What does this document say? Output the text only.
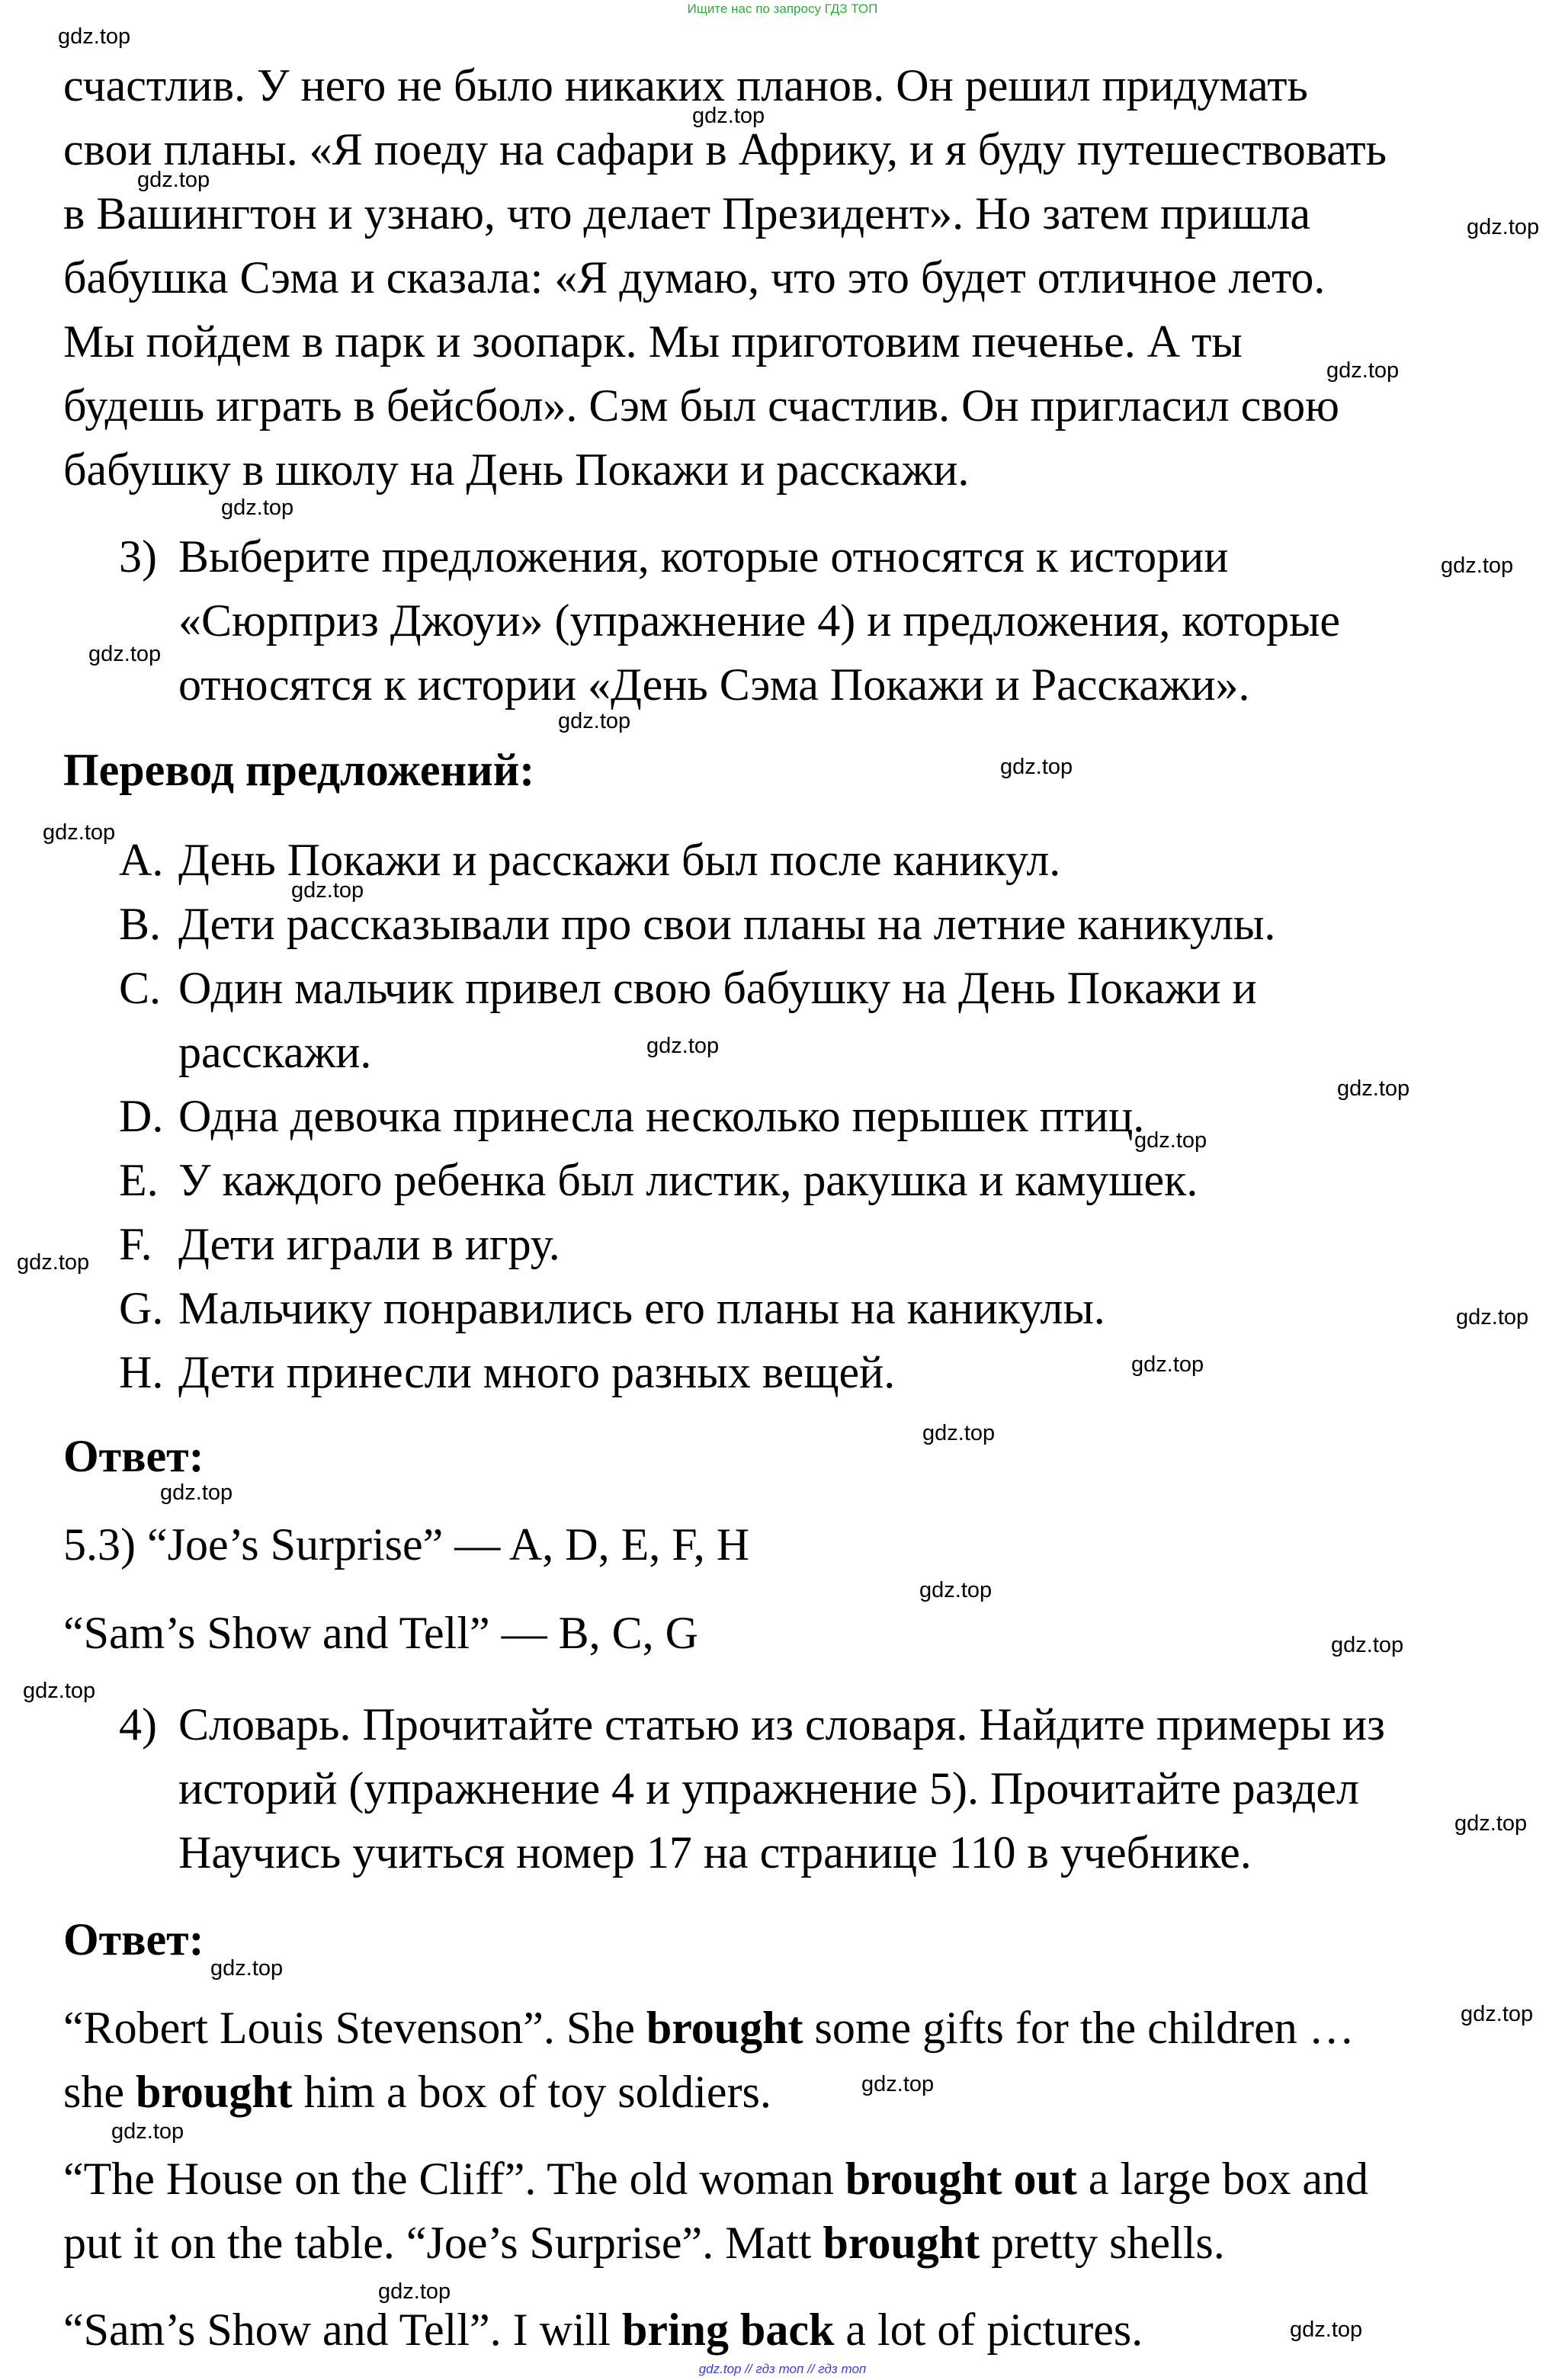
Ищите нас по запросу ГДЗ ТОП
счастлив. У него не было никаких планов. Он решил придумать
свои планы. «Я поеду на сафари в Африку, и я буду путешествовать
в Вашингтон и узнаю, что делает Президент». Но затем пришла
бабушка Сэма и сказала: «Я думаю, что это будет отличное лето.
Мы пойдем в парк и зоопарк. Мы приготовим печенье. А ты
будешь играть в бейсбол». Сэм был счастлив. Он пригласил свою
бабушку в школу на День Покажи и расскажи.
3) Выберите предложения, которые относятся к истории
«Сюрприз Джоуи» (упражнение 4) и предложения, которые
относятся к истории «День Сэма Покажи и Расскажи».
Перевод предложений:
A. День Покажи и расскажи был после каникул.
B. Дети рассказывали про свои планы на летние каникулы.
C. Один мальчик привел свою бабушку на День Покажи и
расскажи.
D. Одна девочка принесла несколько перышек птиц.
E. У каждого ребенка был листик, ракушка и камушек.
F. Дети играли в игру.
G. Мальчику понравились его планы на каникулы.
H. Дети принесли много разных вещей.
Ответ:
5.3) “Joe’s Surprise” — A, D, E, F, H
“Sam’s Show and Tell” — B, C, G
4) Словарь. Прочитайте статью из словаря. Найдите примеры из
историй (упражнение 4 и упражнение 5). Прочитайте раздел
Научись учиться номер 17 на странице 110 в учебнике.
Ответ:
“Robert Louis Stevenson”. She brought some gifts for the children …
she brought him a box of toy soldiers.
“The House on the Cliff”. The old woman brought out a large box and
put it on the table. “Joe’s Surprise”. Matt brought pretty shells.
“Sam’s Show and Tell”. I will bring back a lot of pictures.
gdz.top
gdz.top
gdz.top
gdz.top
gdz.top
gdz.top
gdz.top
gdz.top
gdz.top
gdz.top
gdz.top
gdz.top
gdz.top
gdz.top
gdz.top
gdz.top
gdz.top
gdz.top
gdz.top
gdz.top
gdz.top
gdz.top
gdz.top
gdz.top
gdz.top
gdz.top
gdz.top
gdz.top
gdz.top
gdz.top
gdz.top // гдз топ // гдз топ
